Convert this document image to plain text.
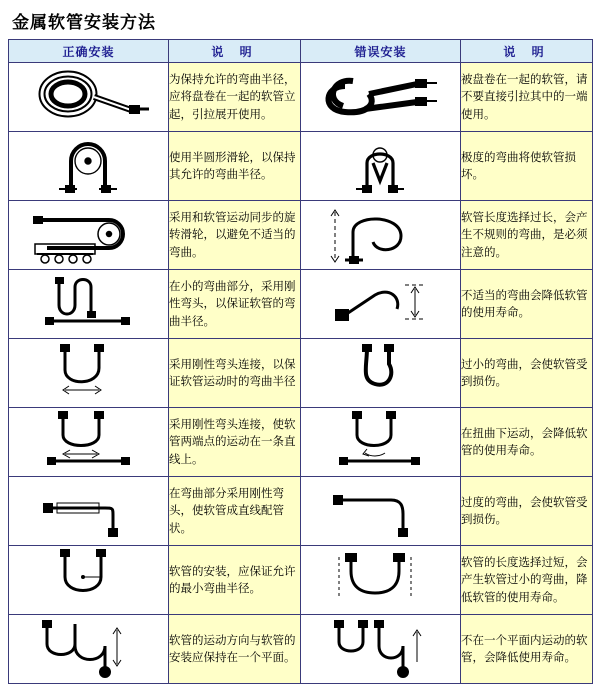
金属软管安装方法
正确安装	说 明	错误安装	说 明

	为保持允许的弯曲半径，应将盘卷在一起的软管立起，引拉展开使用。		被盘卷在一起的软管，请不要直接引拉其中的一端使用。

	使用半圆形滑轮，以保持其允许的弯曲半径。		极度的弯曲将使软管损坏。

	采用和软管运动同步的旋转滑轮，以避免不适当的弯曲。		软管长度选择过长，会产生不规则的弯曲，是必须注意的。

	在小的弯曲部分，采用刚性弯头，以保证软管的弯曲半径。		不适当的弯曲会降低软管的使用寿命。

	采用刚性弯头连接，以保证软管运动时的弯曲半径		过小的弯曲，会使软管受到损伤。

	采用刚性弯头连接，使软管两端点的运动在一条直线上。		在扭曲下运动，会降低软管的使用寿命。

	在弯曲部分采用刚性弯头，使软管成直线配管状。		过度的弯曲，会使软管受到损伤。

	软管的安装，应保证允许的最小弯曲半径。		软管的长度选择过短，会产生软管过小的弯曲，降低软管的使用寿命。

	软管的运动方向与软管的安装应保持在一个平面。		不在一个平面内运动的软管，会降低使用寿命。
